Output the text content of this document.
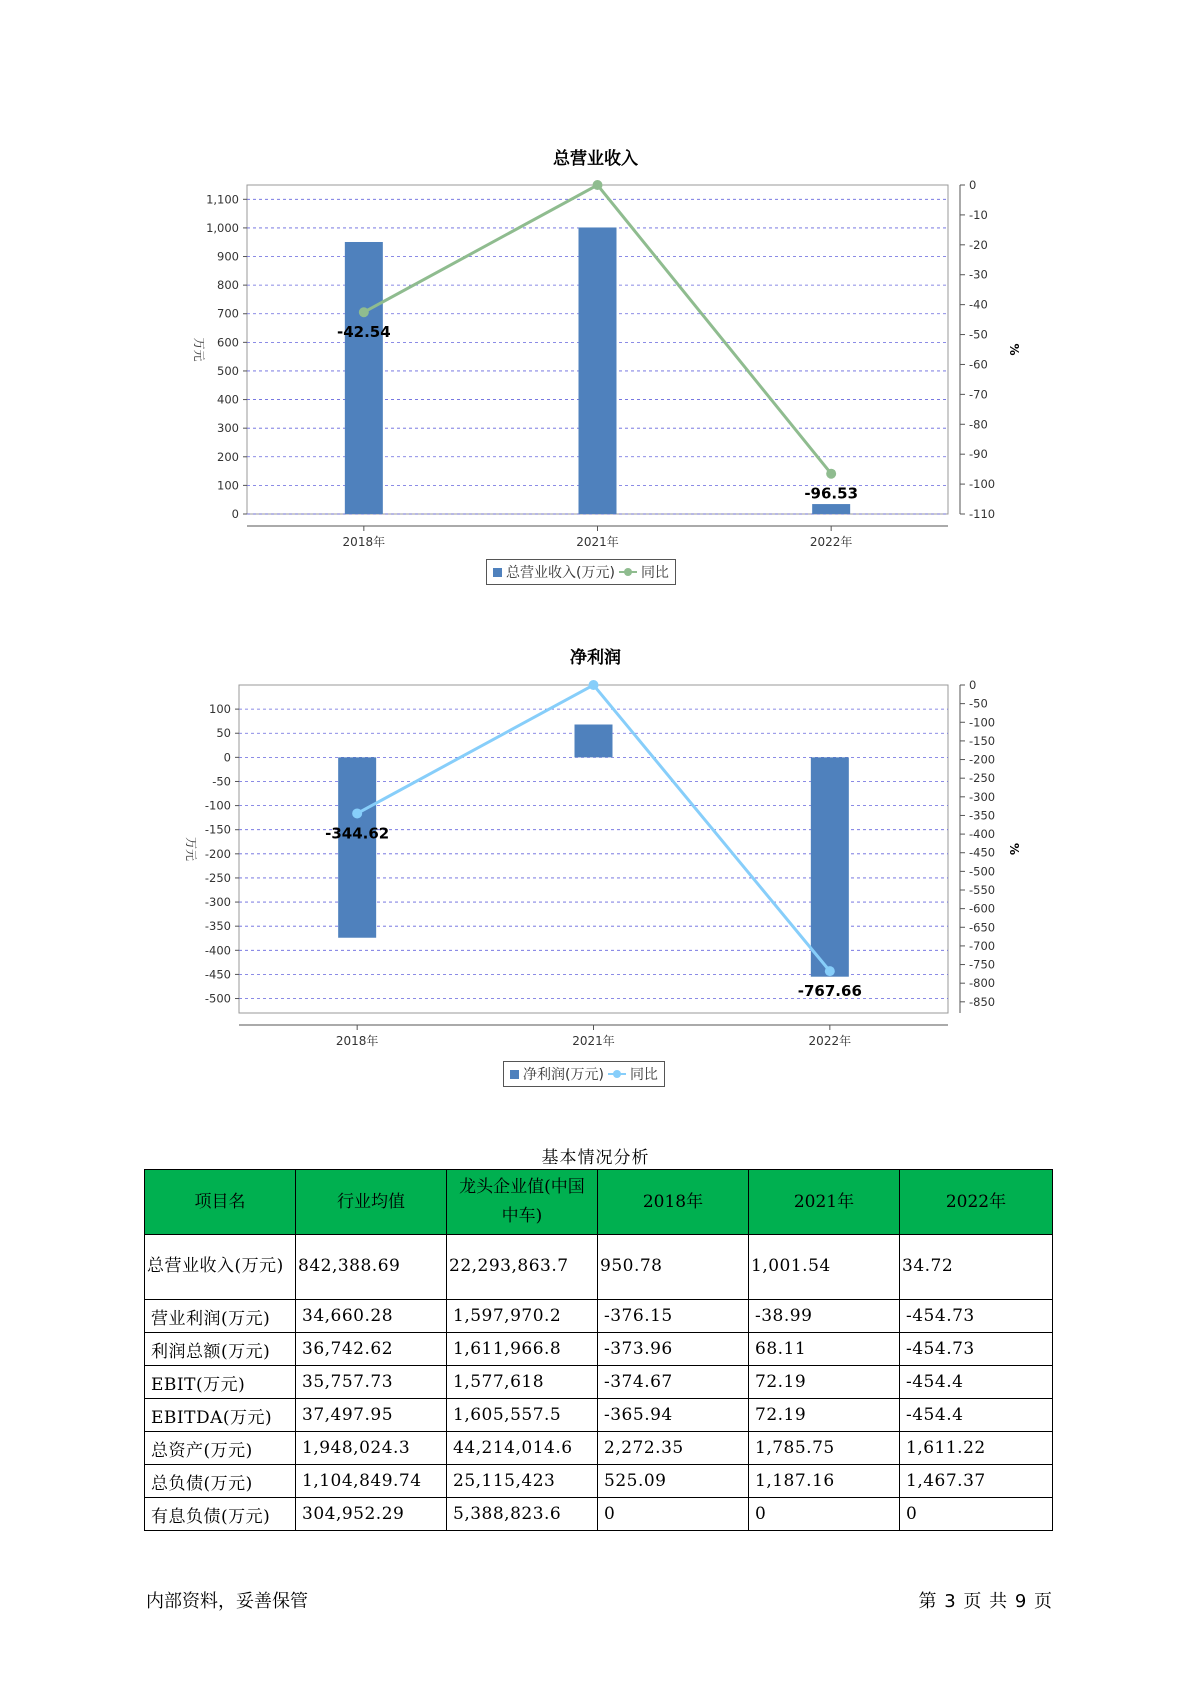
总营业收入
0
100
200
300
400
500
600
700
800
900
1,000
1,100
0
-10
-20
-30
-40
-50
-60
-70
-80
-90
-100
-110
2018年	2021年	2022年
万元	%
-42.54
-96.53
总营业收入(万元) 同比
净利润
100
50
0
-50
-100
-150
-200
-250
-300
-350
-400
-450
-500
0
-50
-100
-150
-200
-250
-300
-350
-400
-450
-500
-550
-600
-650
-700
-750
-800
-850
2018年	2021年	2022年
万元	%
-344.62
-767.66
净利润(万元) 同比
基本情况分析
项目名	行业均值	龙头企业值(中国中车)	2018年	2021年	2022年
总营业收入(万元)	842,388.69	22,293,863.7	950.78	1,001.54	34.72
营业利润(万元)	34,660.28	1,597,970.2	-376.15	-38.99	-454.73
利润总额(万元)	36,742.62	1,611,966.8	-373.96	68.11	-454.73
EBIT(万元)	35,757.73	1,577,618	-374.67	72.19	-454.4
EBITDA(万元)	37,497.95	1,605,557.5	-365.94	72.19	-454.4
总资产(万元)	1,948,024.3	44,214,014.6	2,272.35	1,785.75	1,611.22
总负债(万元)	1,104,849.74	25,115,423	525.09	1,187.16	1,467.37
有息负债(万元)	304,952.29	5,388,823.6	0	0	0
内部资料，妥善保管	第 3 页 共 9 页
